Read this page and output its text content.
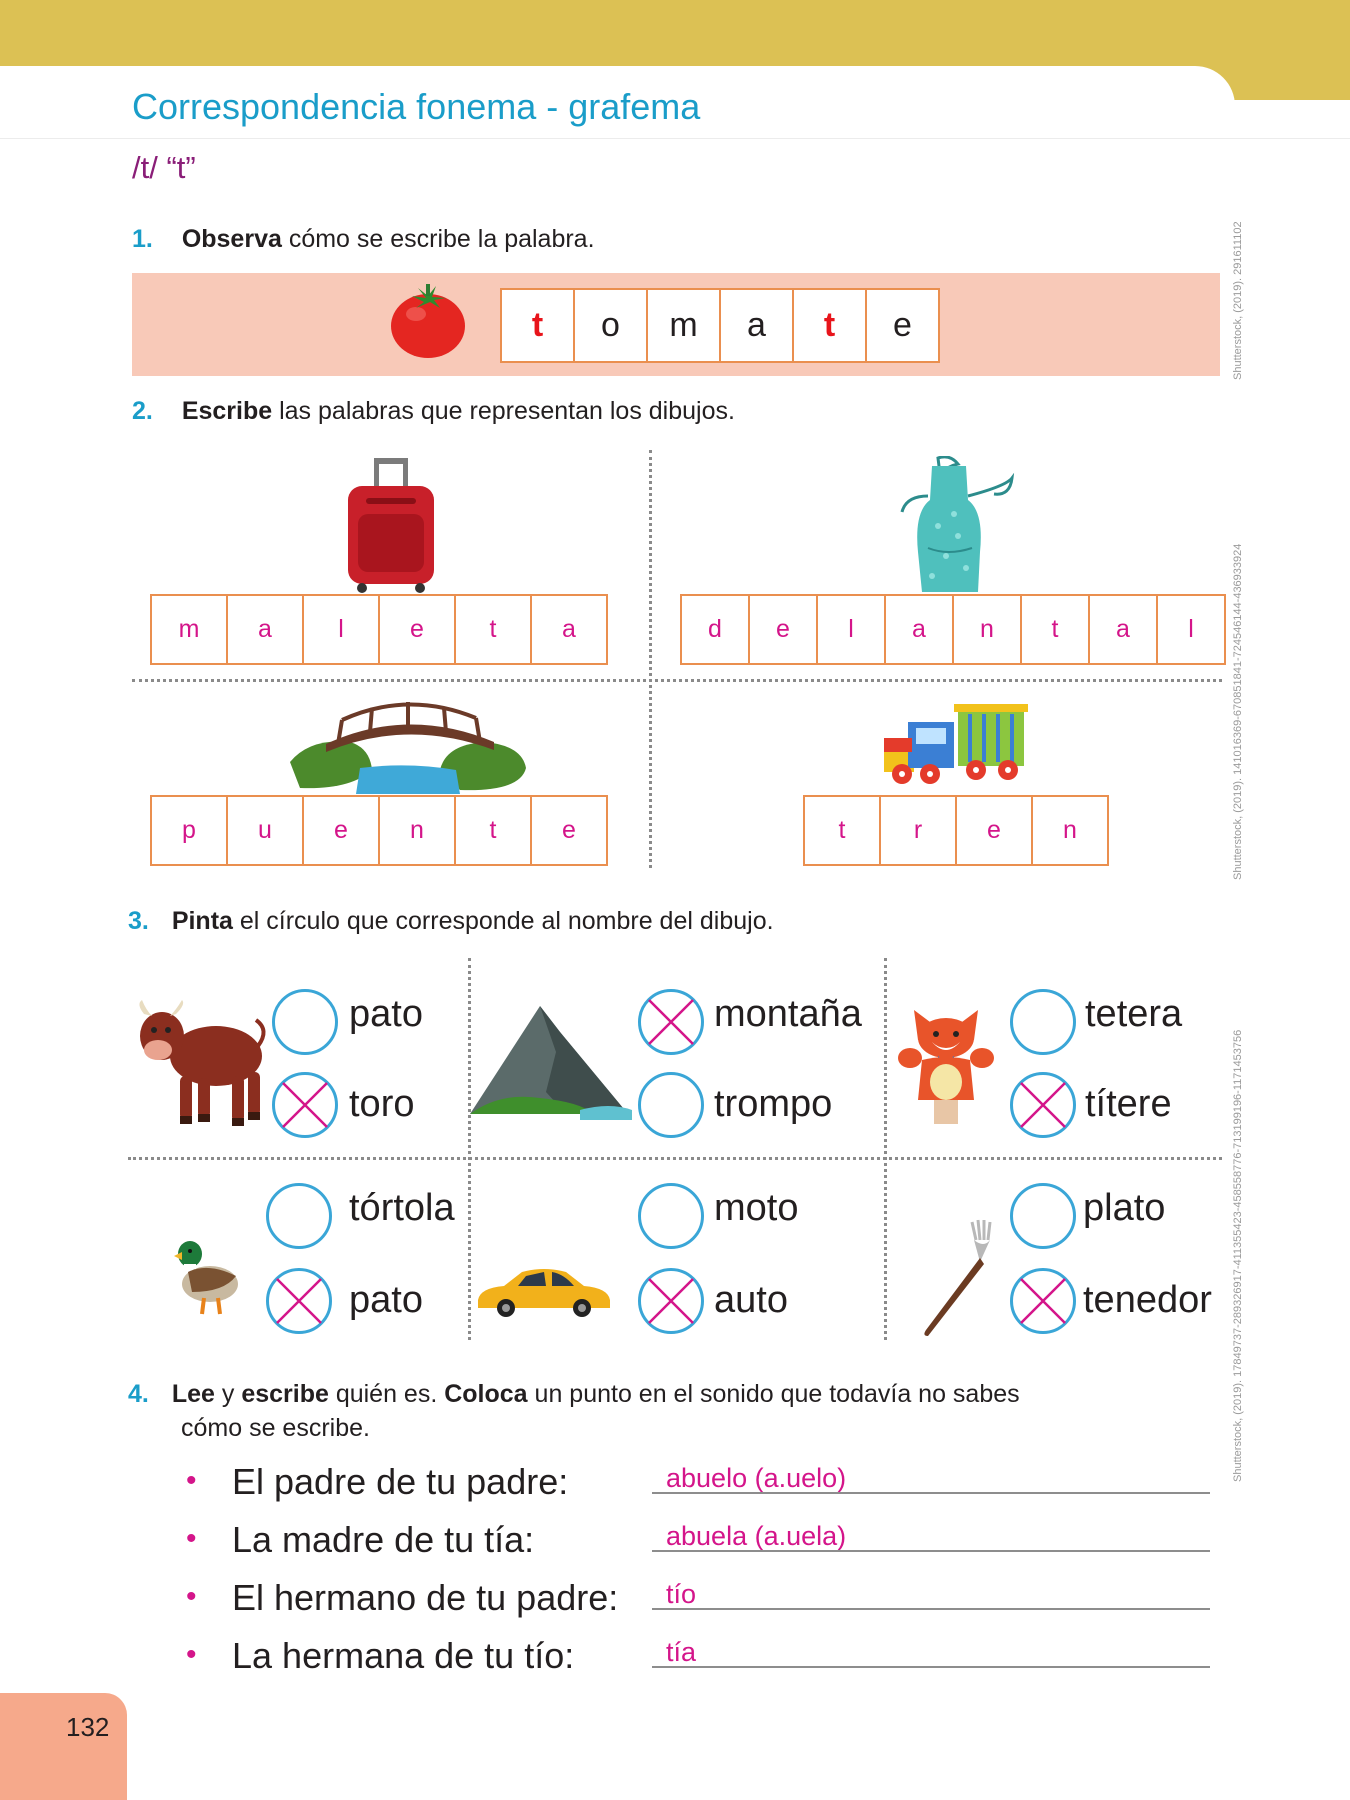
Correspondencia fonema - grafema
/t/ “t”
1. Observa cómo se escribe la palabra.
t	o	m	a	t	e	Shutterstock, (2019). 291611102
2. Escribe las palabras que representan los dibujos.
m	a	l	e	t	a	d	e	l	a	n	t	a	l
p	u	e	n	t	e	t	r	e	n	Shutterstock, (2019). 141016369-670851841-724546144-436933924
3. Pinta el círculo que corresponde al nombre del dibujo.
pato
toro
montaña
trompo
tetera
títere
tórtola
pato
moto
auto
plato
tenedor Shutterstock, (2019). 1784973​7-289326917-411355423-458558776-713199196-1171453756
4. Lee y escribe quién es. Coloca un punto en el sonido que todavía no sabes
cómo se escribe.
• El padre de tu padre:	abuelo (a.uelo)
• La madre de tu tía:	abuela (a.uela)
• El hermano de tu padre: tío
• La hermana de tu tío:	tía
132
